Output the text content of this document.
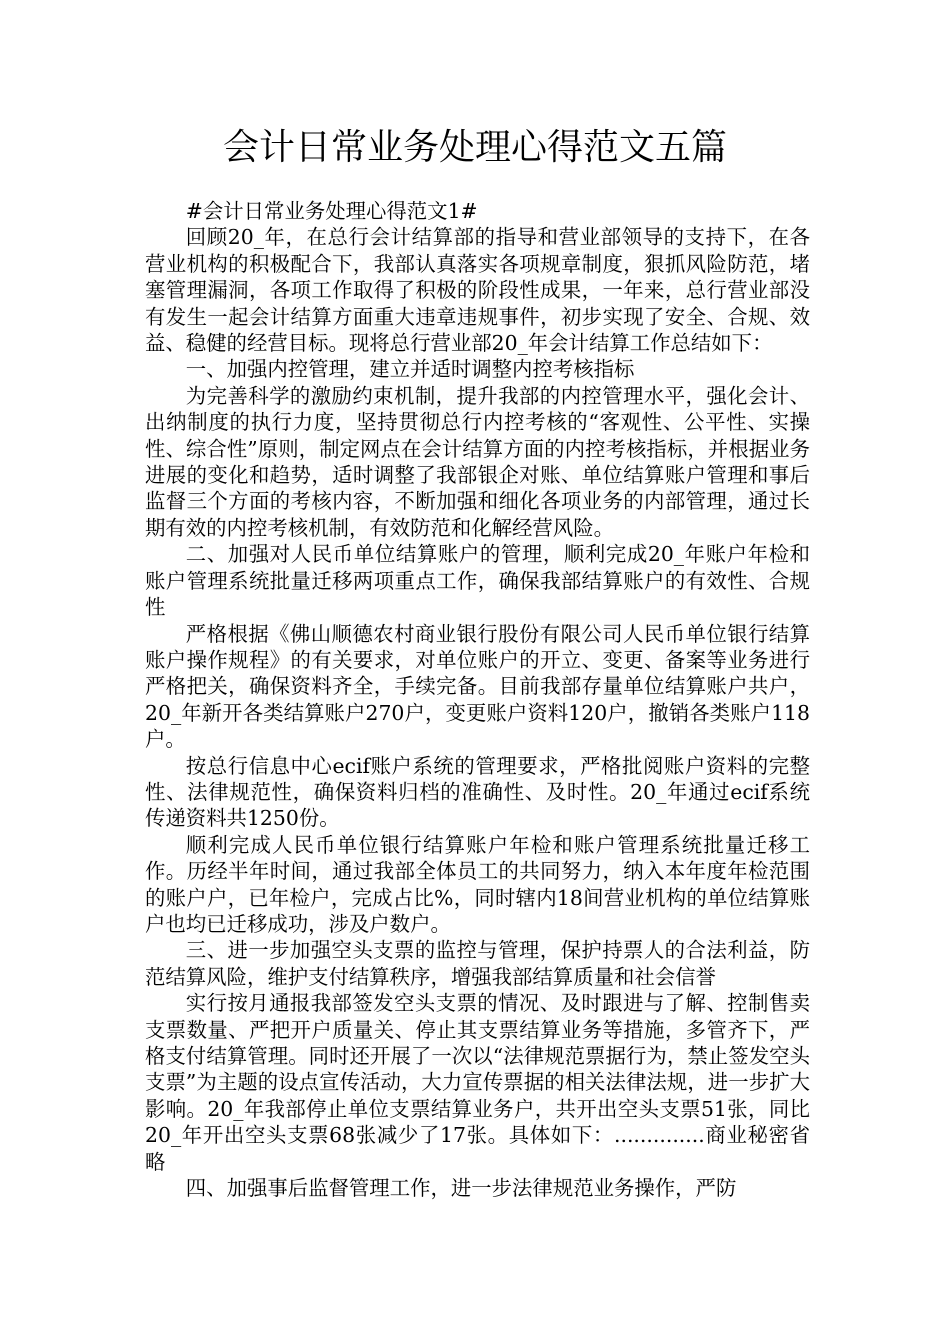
会计日常业务处理心得范文五篇

#会计日常业务处理心得范文1#

回顾20_年，在总行会计结算部的指导和营业部领导的支持下，在各营业机构的积极配合下，我部认真落实各项规章制度，狠抓风险防范，堵塞管理漏洞，各项工作取得了积极的阶段性成果，一年来，总行营业部没有发生一起会计结算方面重大违章违规事件，初步实现了安全、合规、效益、稳健的经营目标。现将总行营业部20_年会计结算工作总结如下：

一、加强内控管理，建立并适时调整内控考核指标

为完善科学的激励约束机制，提升我部的内控管理水平，强化会计、出纳制度的执行力度，坚持贯彻总行内控考核的“客观性、公平性、实操性、综合性”原则，制定网点在会计结算方面的内控考核指标，并根据业务进展的变化和趋势，适时调整了我部银企对账、单位结算账户管理和事后监督三个方面的考核内容，不断加强和细化各项业务的内部管理，通过长期有效的内控考核机制，有效防范和化解经营风险。

二、加强对人民币单位结算账户的管理，顺利完成20_年账户年检和账户管理系统批量迁移两项重点工作，确保我部结算账户的有效性、合规性

严格根据《佛山顺德农村商业银行股份有限公司人民币单位银行结算账户操作规程》的有关要求，对单位账户的开立、变更、备案等业务进行严格把关，确保资料齐全，手续完备。目前我部存量单位结算账户共户，20_年新开各类结算账户270户，变更账户资料120户，撤销各类账户118户。

按总行信息中心ecif账户系统的管理要求，严格批阅账户资料的完整性、法律规范性，确保资料归档的准确性、及时性。20_年通过ecif系统传递资料共1250份。

顺利完成人民币单位银行结算账户年检和账户管理系统批量迁移工作。历经半年时间，通过我部全体员工的共同努力，纳入本年度年检范围的账户户，已年检户，完成占比%，同时辖内18间营业机构的单位结算账户也均已迁移成功，涉及户数户。

三、进一步加强空头支票的监控与管理，保护持票人的合法利益，防范结算风险，维护支付结算秩序，增强我部结算质量和社会信誉

实行按月通报我部签发空头支票的情况、及时跟进与了解、控制售卖支票数量、严把开户质量关、停止其支票结算业务等措施，多管齐下，严格支付结算管理。同时还开展了一次以“法律规范票据行为，禁止签发空头支票”为主题的设点宣传活动，大力宣传票据的相关法律法规，进一步扩大影响。20_年我部停止单位支票结算业务户，共开出空头支票51张，同比20_年开出空头支票68张减少了17张。具体如下：..............商业秘密省略

四、加强事后监督管理工作，进一步法律规范业务操作，严防
